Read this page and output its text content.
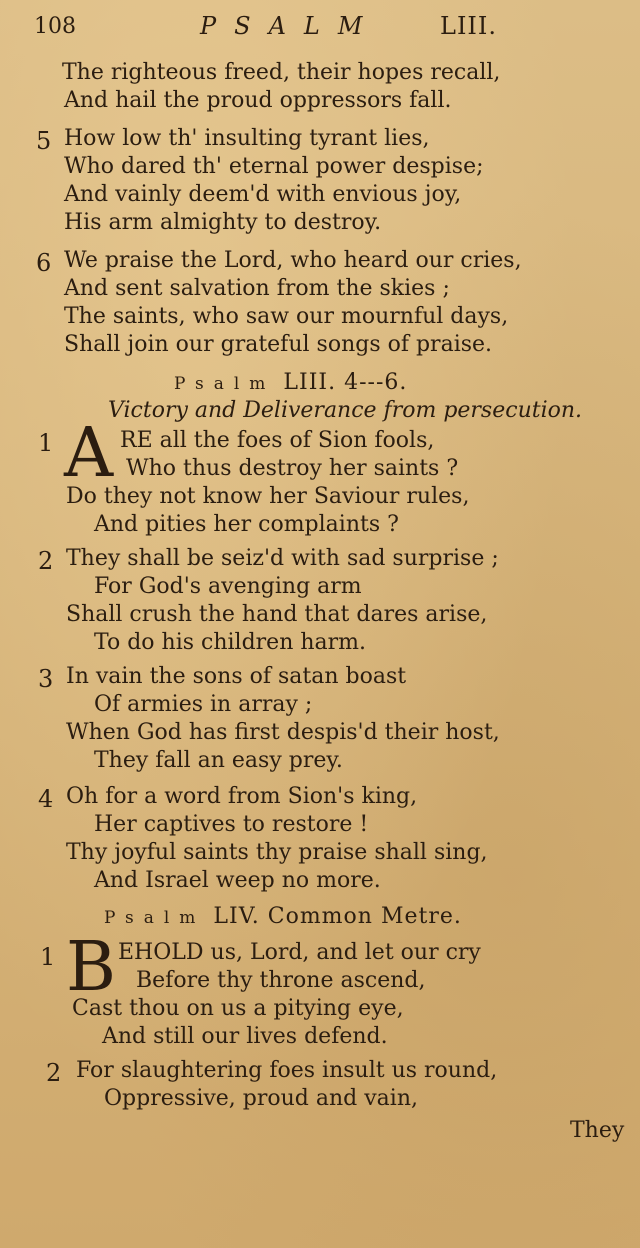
108	PSALM LIII.
The righteous freed, their hopes recall,
And hail the proud oppressors fall.
5 How low th' insulting tyrant lies,
Who dared th' eternal power despise;
And vainly deem'd with envious joy,
His arm almighty to destroy.
6 We praise the Lord, who heard our cries,
And sent salvation from the skies ;
The saints, who saw our mournful days,
Shall join our grateful songs of praise.
Psalm LIII. 4---6.
Victory and Deliverance from persecution.
1 A RE all the foes of Sion fools,
Who thus destroy her saints ?
Do they not know her Saviour rules,
And pities her complaints ?
2 They shall be seiz'd with sad surprise ;
For God's avenging arm
Shall crush the hand that dares arise,
To do his children harm.
3 In vain the sons of satan boast
Of armies in array ;
When God has first despis'd their host,
They fall an easy prey.
4 Oh for a word from Sion's king,
Her captives to restore !
Thy joyful saints thy praise shall sing,
And Israel weep no more.
Psalm LIV. Common Metre.
1 B EHOLD us, Lord, and let our cry
Before thy throne ascend,
Cast thou on us a pitying eye,
And still our lives defend.
2 For slaughtering foes insult us round,
Oppressive, proud and vain,
They
